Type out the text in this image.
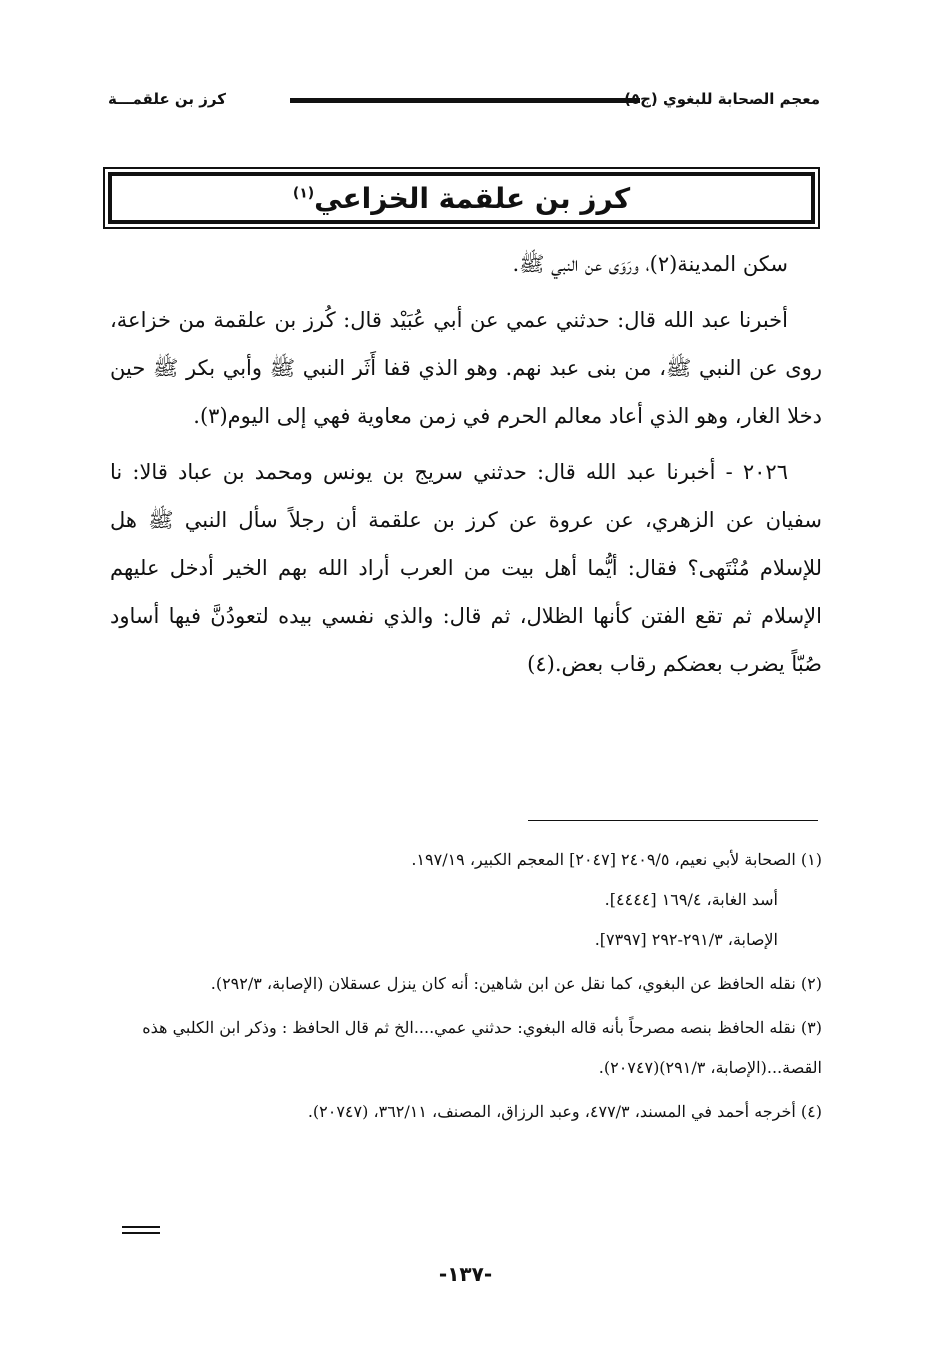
معجم الصحابة للبغوي (ج
كرز بن علقمـــة
كرز بن علقمة الخزاعي$^{(١)}$

سكن المدينة(٢)، ورَوَى عن النبي ﷺ.

أخبرنا عبد الله قال: حدثني عمي عن أبي عُبَيْد قال: كُرز بن علقمة من خزاعة، روى عن النبي ﷺ، من بنى عبد نهم. وهو الذي قفا أَثَر النبي ﷺ وأبي بكر ﷺ حين دخلا الغار، وهو الذي أعاد معالم الحرم في زمن معاوية فهي إلى اليوم(٣).

٢٠٢٦ - أخبرنا عبد الله قال: حدثني سريج بن يونس ومحمد بن عباد قالا: نا سفيان عن الزهري، عن عروة عن كرز بن علقمة أن رجلاً سأل النبي ﷺ هل للإسلام مُنْتَهى؟ فقال: أيُّما أهل بيت من العرب أراد الله بهم الخير أدخل عليهم الإسلام ثم تقع الفتن كأنها الظلال، ثم قال: والذي نفسي بيده لتعودُنَّ فيها أساود صُبّاً يضرب بعضكم رقاب بعض.(٤)

(١) الصحابة لأبي نعيم، ٢٤٠٩/٥ [٢٠٤٧] المعجم الكبير، ١٩٧/١٩.
أسد الغابة، ١٦٩/٤ [٤٤٤٤].
الإصابة، ٢٩١/٣-٢٩٢ [٧٣٩٧].
(٢) نقله الحافظ عن البغوي، كما نقل عن ابن شاهين: أنه كان ينزل عسقلان (الإصابة، ٢٩٢/٣).
(٣) نقله الحافظ بنصه مصرحاً بأنه قاله البغوي: حدثني عمي....الخ ثم قال الحافظ : وذكر ابن الكلبي هذه القصة...(الإصابة، ٢٩١/٣)(٢٠٧٤٧).
(٤) أخرجه أحمد في المسند، ٤٧٧/٣، وعبد الرزاق، المصنف، ٣٦٢/١١، (٢٠٧٤٧).
-١٣٧-
